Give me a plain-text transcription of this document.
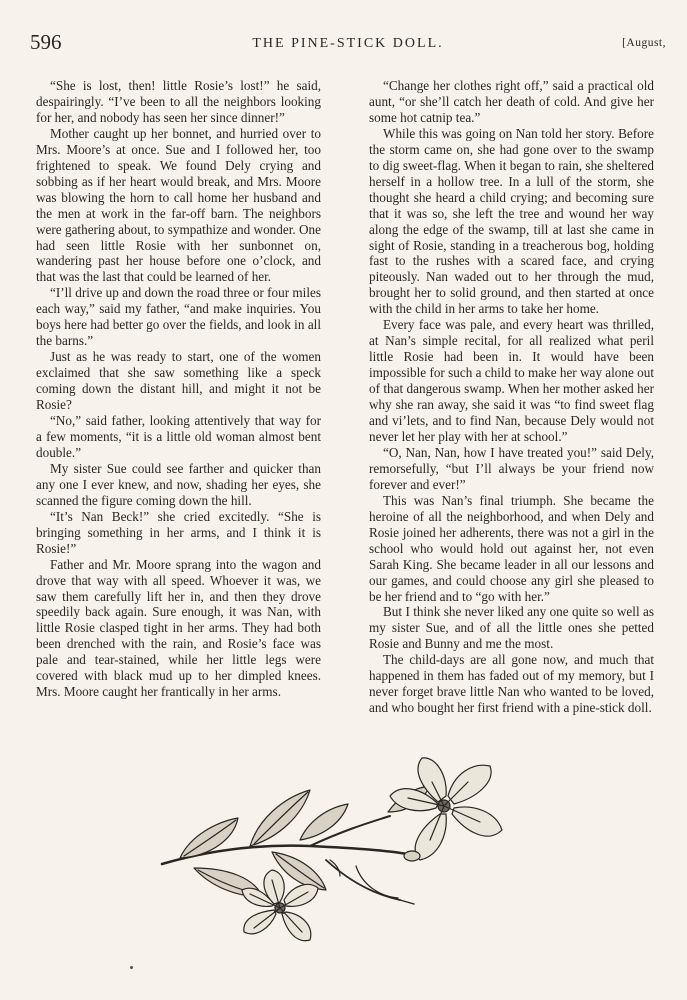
596	THE PINE-STICK DOLL.	[August,

“She is lost, then! little Rosie’s lost!” he said, despairingly. “I’ve been to all the neighbors looking for her, and nobody has seen her since dinner!”

Mother caught up her bonnet, and hurried over to Mrs. Moore’s at once. Sue and I followed her, too frightened to speak. We found Dely crying and sobbing as if her heart would break, and Mrs. Moore was blowing the horn to call home her husband and the men at work in the far-off barn. The neighbors were gathering about, to sympathize and wonder. One had seen little Rosie with her sunbonnet on, wandering past her house before one o’clock, and that was the last that could be learned of her.

“I’ll drive up and down the road three or four miles each way,” said my father, “and make inquiries. You boys here had better go over the fields, and look in all the barns.”

Just as he was ready to start, one of the women exclaimed that she saw something like a speck coming down the distant hill, and might it not be Rosie?

“No,” said father, looking attentively that way for a few moments, “it is a little old woman almost bent double.”

My sister Sue could see farther and quicker than any one I ever knew, and now, shading her eyes, she scanned the figure coming down the hill.

“It’s Nan Beck!” she cried excitedly. “She is bringing something in her arms, and I think it is Rosie!”

Father and Mr. Moore sprang into the wagon and drove that way with all speed. Whoever it was, we saw them carefully lift her in, and then they drove speedily back again. Sure enough, it was Nan, with little Rosie clasped tight in her arms. They had both been drenched with the rain, and Rosie’s face was pale and tear-stained, while her little legs were covered with black mud up to her dimpled knees. Mrs. Moore caught her frantically in her arms.

“Change her clothes right off,” said a practical old aunt, “or she’ll catch her death of cold. And give her some hot catnip tea.”

While this was going on Nan told her story. Before the storm came on, she had gone over to the swamp to dig sweet-flag. When it began to rain, she sheltered herself in a hollow tree. In a lull of the storm, she thought she heard a child crying; and becoming sure that it was so, she left the tree and wound her way along the edge of the swamp, till at last she came in sight of Rosie, standing in a treacherous bog, holding fast to the rushes with a scared face, and crying piteously. Nan waded out to her through the mud, brought her to solid ground, and then started at once with the child in her arms to take her home.

Every face was pale, and every heart was thrilled, at Nan’s simple recital, for all realized what peril little Rosie had been in. It would have been impossible for such a child to make her way alone out of that dangerous swamp. When her mother asked her why she ran away, she said it was “to find sweet flag and vi’lets, and to find Nan, because Dely would not never let her play with her at school.”

“O, Nan, Nan, how I have treated you!” said Dely, remorsefully, “but I’ll always be your friend now forever and ever!”

This was Nan’s final triumph. She became the heroine of all the neighborhood, and when Dely and Rosie joined her adherents, there was not a girl in the school who would hold out against her, not even Sarah King. She became leader in all our lessons and our games, and could choose any girl she pleased to be her friend and to “go with her.”

But I think she never liked any one quite so well as my sister Sue, and of all the little ones she petted Rosie and Bunny and me the most.

The child-days are all gone now, and much that happened in them has faded out of my memory, but I never forget brave little Nan who wanted to be loved, and who bought her first friend with a pine-stick doll.
